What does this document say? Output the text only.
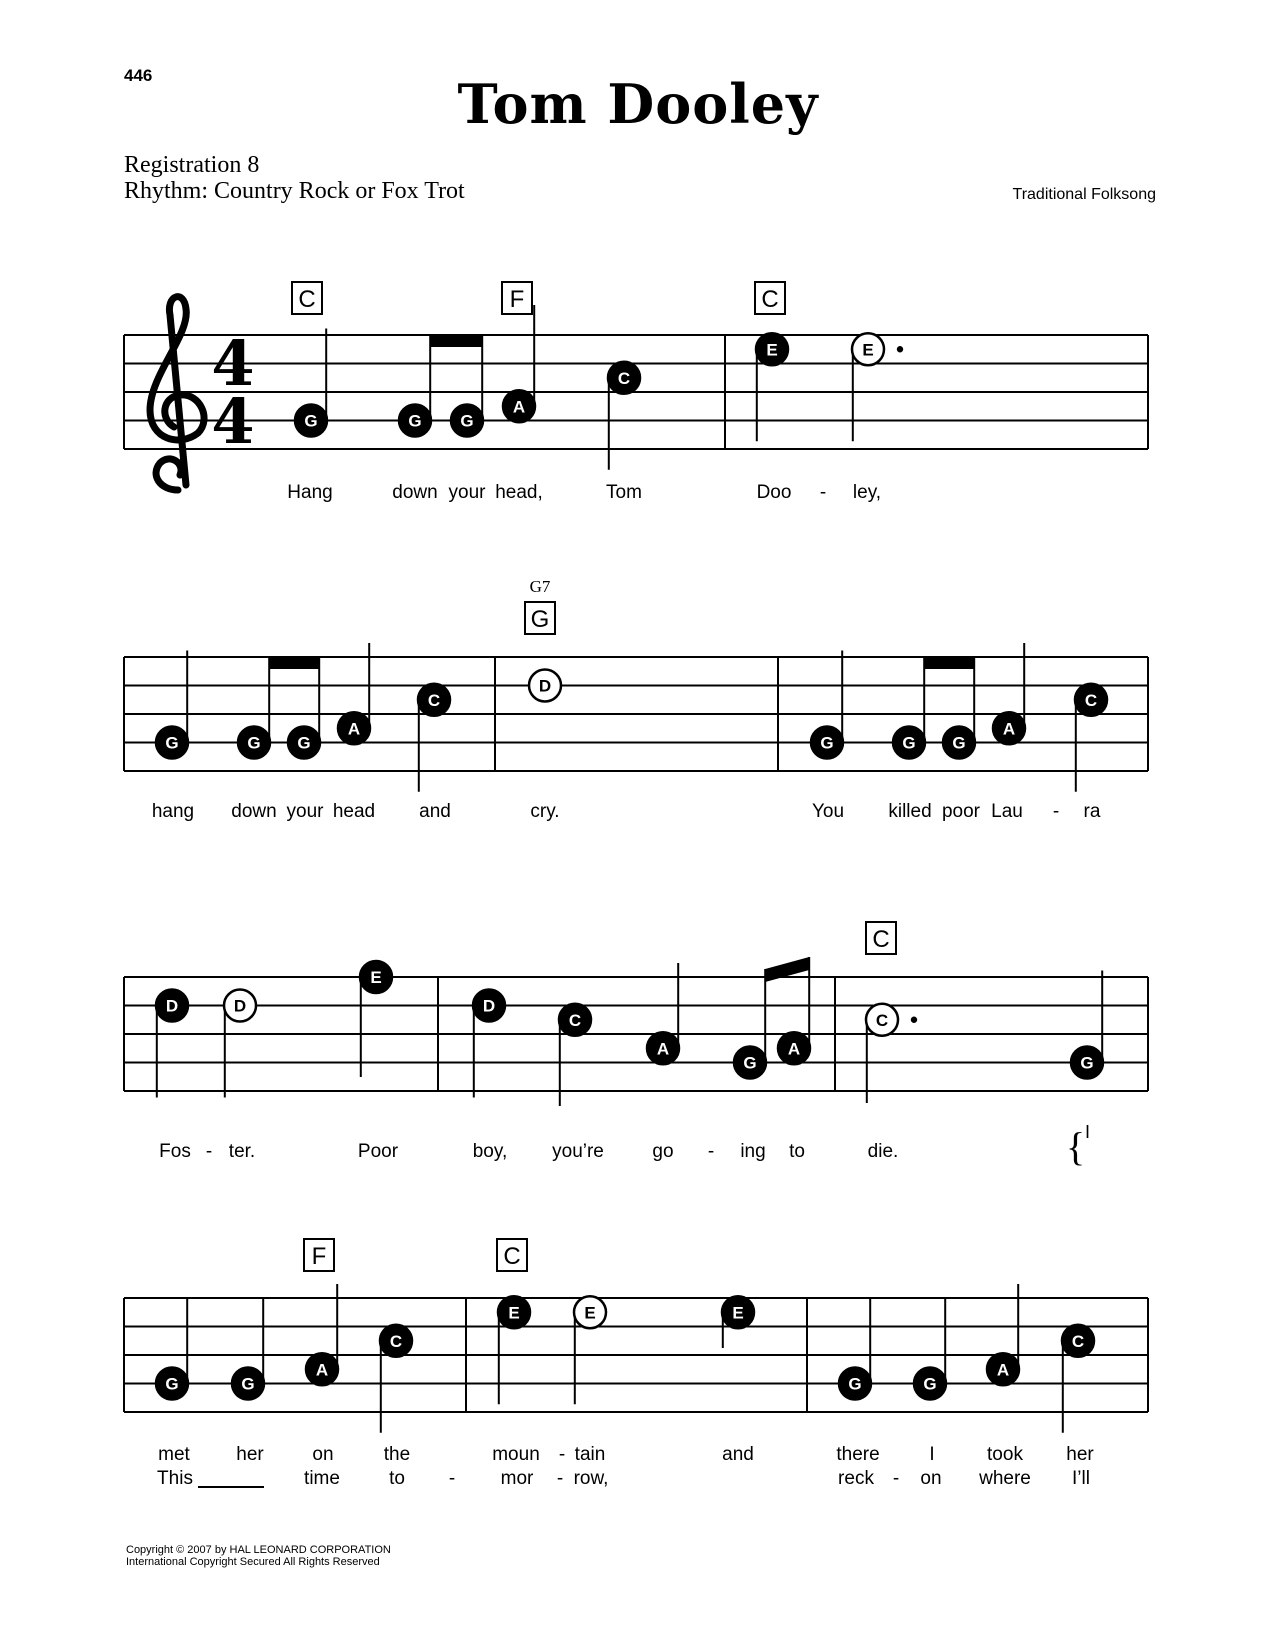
446	Tom Dooley
Registration 8
Rhythm: Country Rock or Fox Trot	Traditional Folksong
4
4
C	F	C
G	G G
A
C
E	E
Hang	down your head,	Tom	Doo - ley,
G7
G
G	G G
A
C
D
G	G G
A
C
hang down your head and	cry.	You killed poor Lau - ra
C
D	D
E
D
C
A
G
A
C
G
Fos - ter.	Poor	boy, you’re	go - ing to	die.	{ I
F	C
G	G
A
C
E	E	E
G	G
A
C
met her	on	the	moun - tain	and	there	I	took her
This	time	to - mor - row,	reck - on where I’ll
Copyright © 2007 by HAL LEONARD CORPORATION
International Copyright Secured All Rights Reserved
